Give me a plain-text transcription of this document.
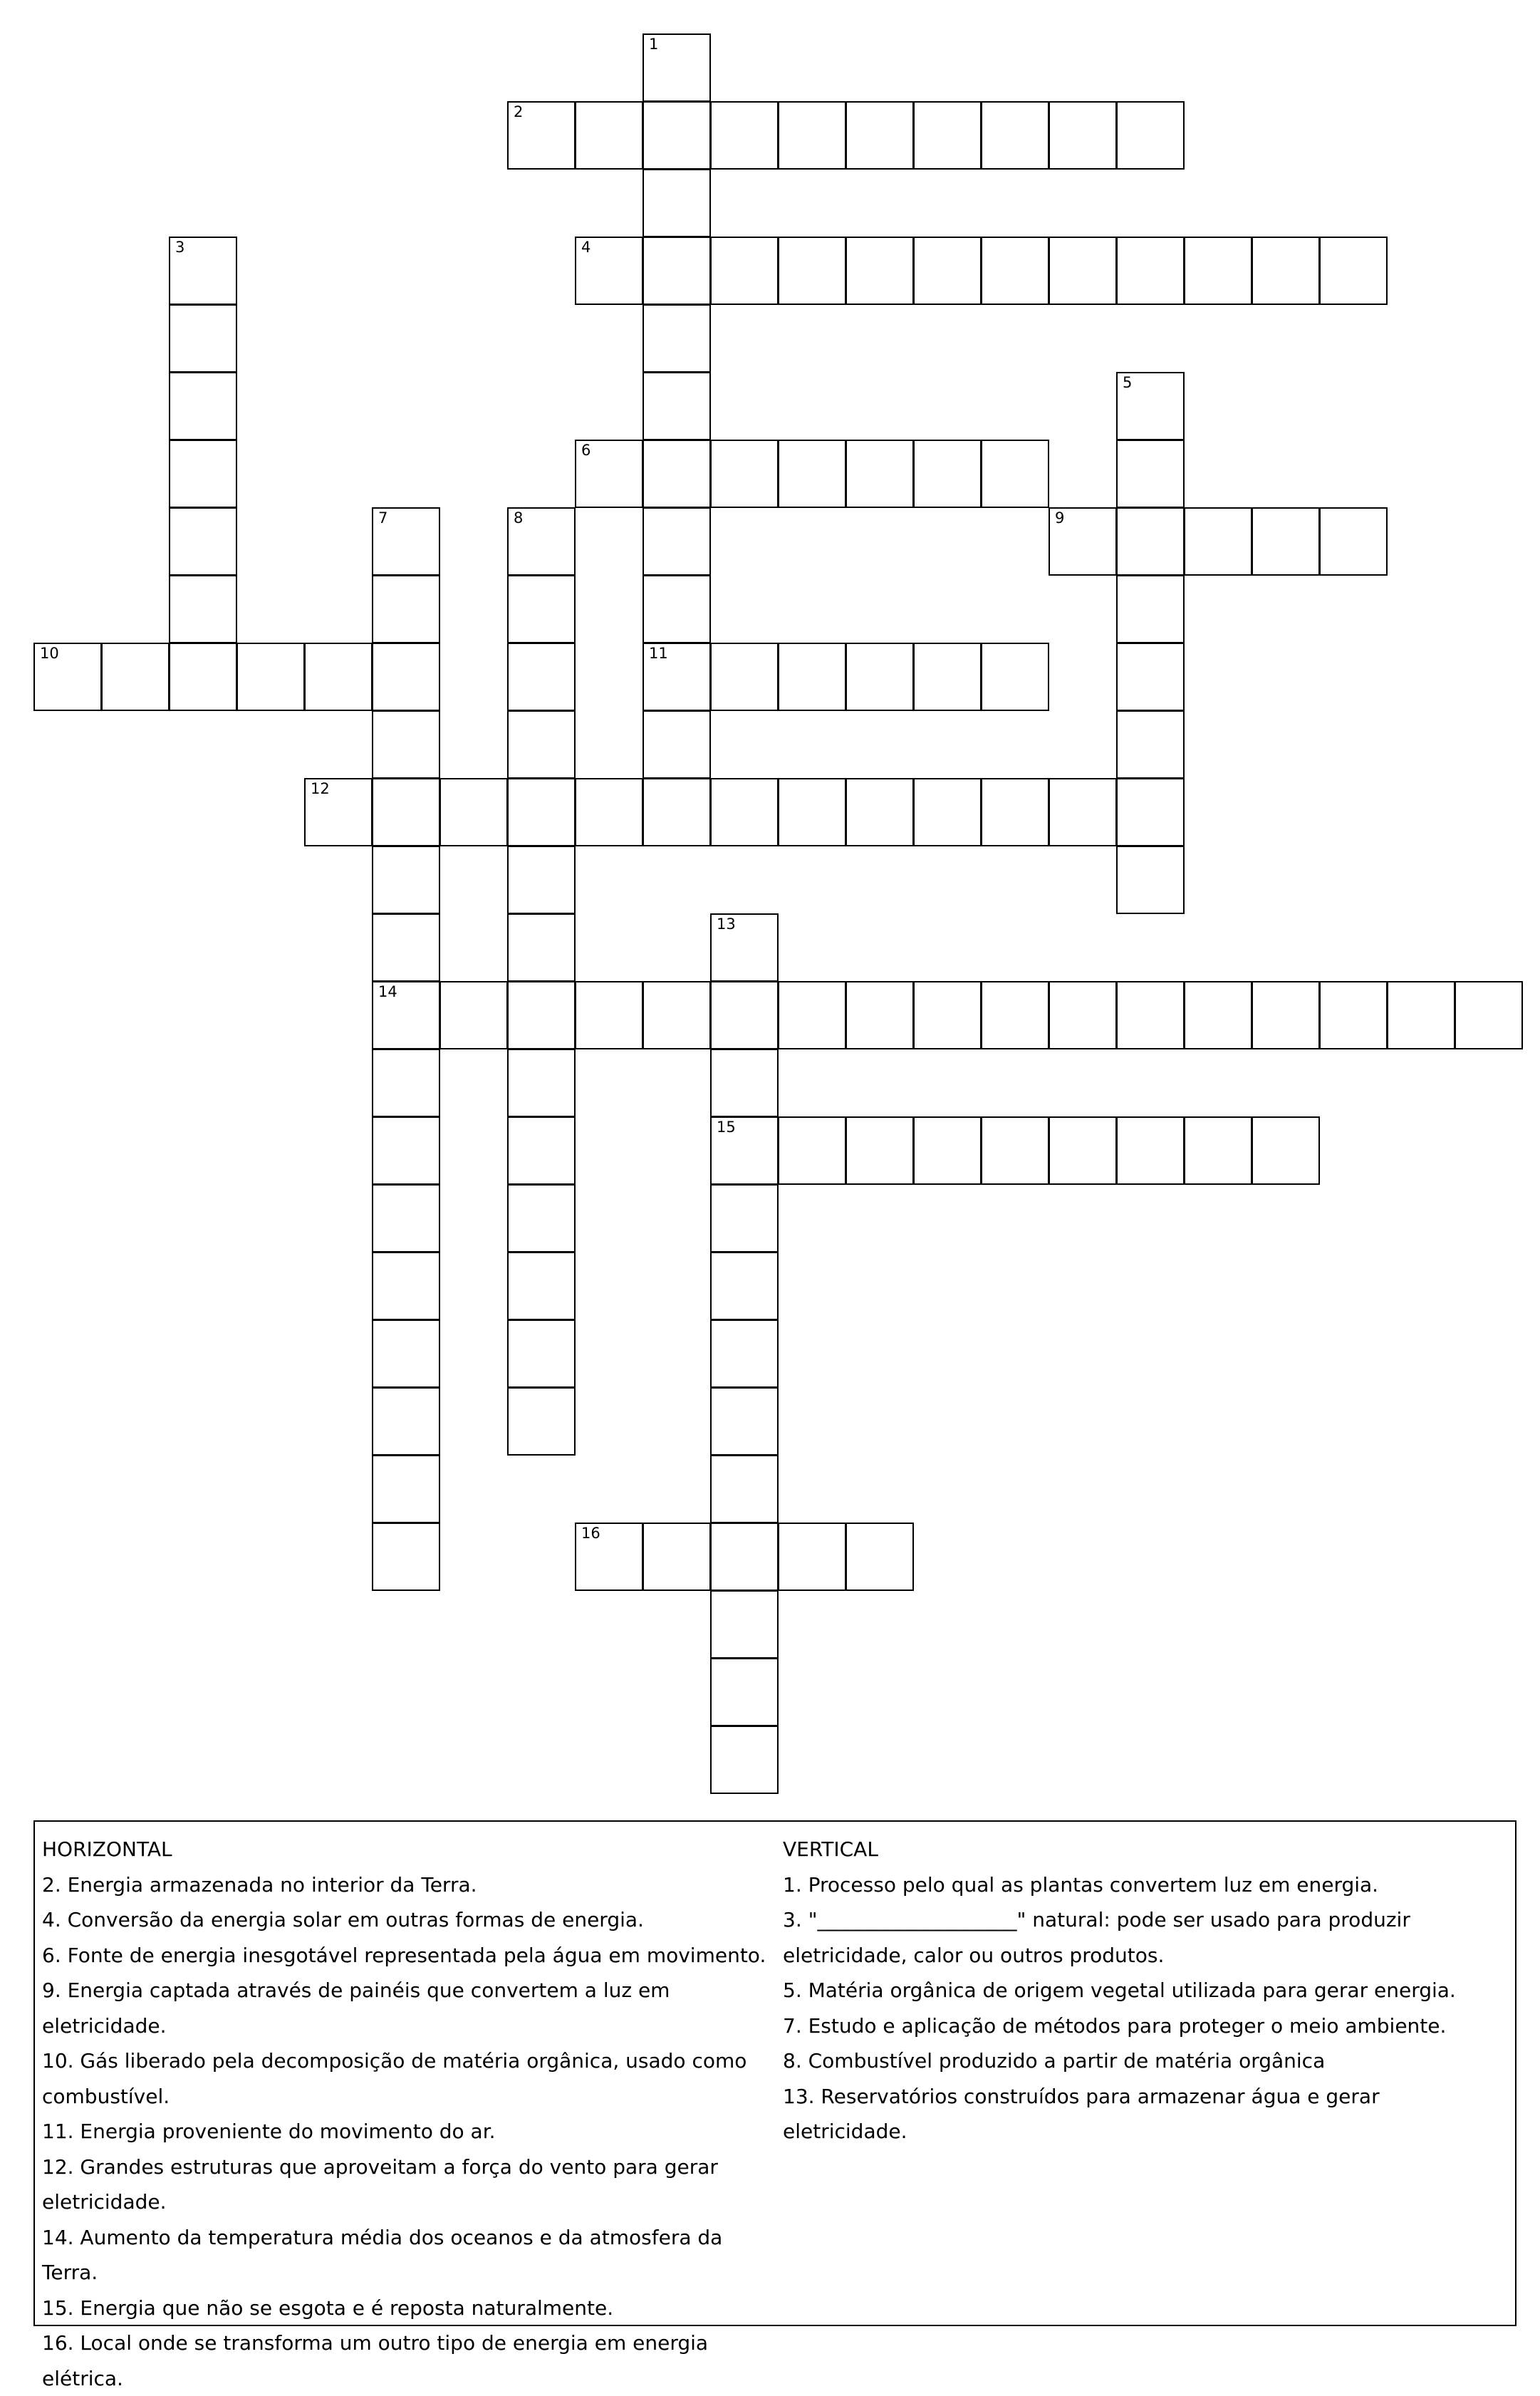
1
11
2
3	4
5
6
7
14
8	9
10
12
13
15
16
HORIZONTAL
2. Energia armazenada no interior da Terra.
4. Conversão da energia solar em outras formas de energia.
6. Fonte de energia inesgotável representada pela água em movimento.
9. Energia captada através de painéis que convertem a luz em eletricidade.
10. Gás liberado pela decomposição de matéria orgânica, usado como
combustível.
11. Energia proveniente do movimento do ar.
12. Grandes estruturas que aproveitam a força do vento para gerar
eletricidade.
14. Aumento da temperatura média dos oceanos e da atmosfera da Terra.
15. Energia que não se esgota e é reposta naturalmente.
16. Local onde se transforma um outro tipo de energia em energia elétrica.
VERTICAL
1. Processo pelo qual as plantas convertem luz em energia.
3. "____________________" natural: pode ser usado para produzir
eletricidade, calor ou outros produtos.
5. Matéria orgânica de origem vegetal utilizada para gerar energia.
7. Estudo e aplicação de métodos para proteger o meio ambiente.
8. Combustível produzido a partir de matéria orgânica
13. Reservatórios construídos para armazenar água e gerar eletricidade.
